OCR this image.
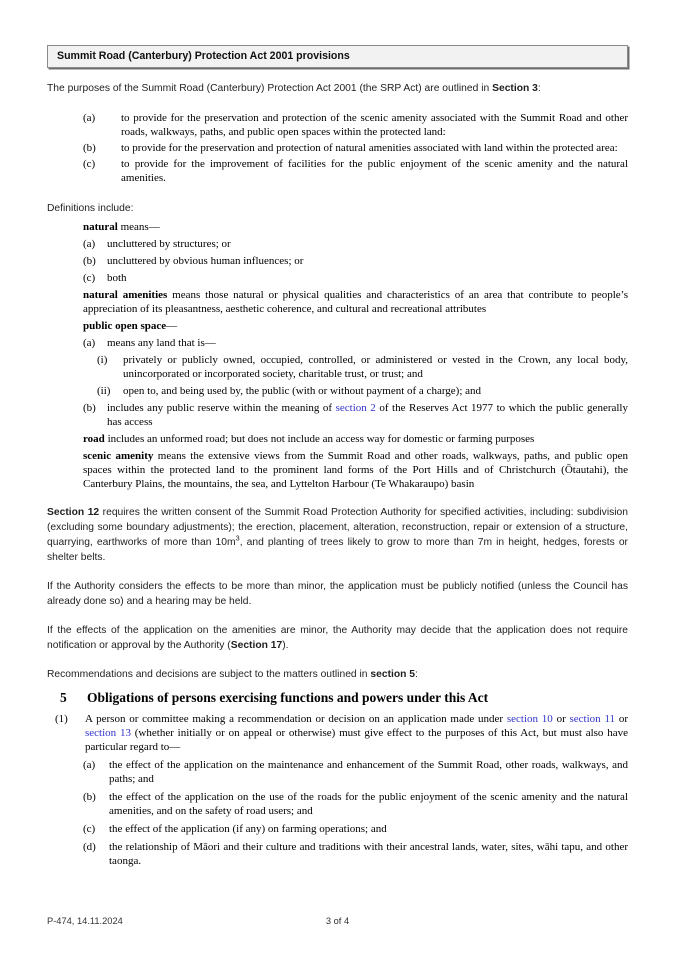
Summit Road (Canterbury) Protection Act 2001 provisions

The purposes of the Summit Road (Canterbury) Protection Act 2001 (the SRP Act) are outlined in Section 3:

(a)	to provide for the preservation and protection of the scenic amenity associated with the Summit Road and other roads, walkways, paths, and public open spaces within the protected land:
(b)	to provide for the preservation and protection of natural amenities associated with land within the protected area:
(c)	to provide for the improvement of facilities for the public enjoyment of the scenic amenity and the natural amenities.

Definitions include:

natural means—

(a)	uncluttered by structures; or
(b)	uncluttered by obvious human influences; or
(c)	both

natural amenities means those natural or physical qualities and characteristics of an area that contribute to people’s appreciation of its pleasantness, aesthetic coherence, and cultural and recreational attributes

public open space—

(a)	means any land that is—
(i)	privately or publicly owned, occupied, controlled, or administered or vested in the Crown, any local body, unincorporated or incorporated society, charitable trust, or trust; and
(ii)	open to, and being used by, the public (with or without payment of a charge); and
(b)	includes any public reserve within the meaning of section 2 of the Reserves Act 1977 to which the public generally has access

road includes an unformed road; but does not include an access way for domestic or farming purposes

scenic amenity means the extensive views from the Summit Road and other roads, walkways, paths, and public open spaces within the protected land to the prominent land forms of the Port Hills and of Christchurch (Ōtautahi), the Canterbury Plains, the mountains, the sea, and Lyttelton Harbour (Te Whakaraupo) basin

Section 12 requires the written consent of the Summit Road Protection Authority for specified activities, including: subdivision (excluding some boundary adjustments); the erection, placement, alteration, reconstruction, repair or extension of a structure, quarrying, earthworks of more than $10m^3$, and planting of trees likely to grow to more than 7m in height, hedges, forests or shelter belts.

If the Authority considers the effects to be more than minor, the application must be publicly notified (unless the Council has already done so) and a hearing may be held.

If the effects of the application on the amenities are minor, the Authority may decide that the application does not require notification or approval by the Authority (Section 17).

Recommendations and decisions are subject to the matters outlined in section 5:

5	Obligations of persons exercising functions and powers under this Act
(1)	A person or committee making a recommendation or decision on an application made under section 10 or section 11 or section 13 (whether initially or on appeal or otherwise) must give effect to the purposes of this Act, but must also have particular regard to—
(a)	the effect of the application on the maintenance and enhancement of the Summit Road, other roads, walkways, and paths; and
(b)	the effect of the application on the use of the roads for the public enjoyment of the scenic amenity and the natural amenities, and on the safety of road users; and
(c)	the effect of the application (if any) on farming operations; and
(d)	the relationship of Māori and their culture and traditions with their ancestral lands, water, sites, wāhi tapu, and other taonga.
P-474, 14.11.2024	3 of 4
